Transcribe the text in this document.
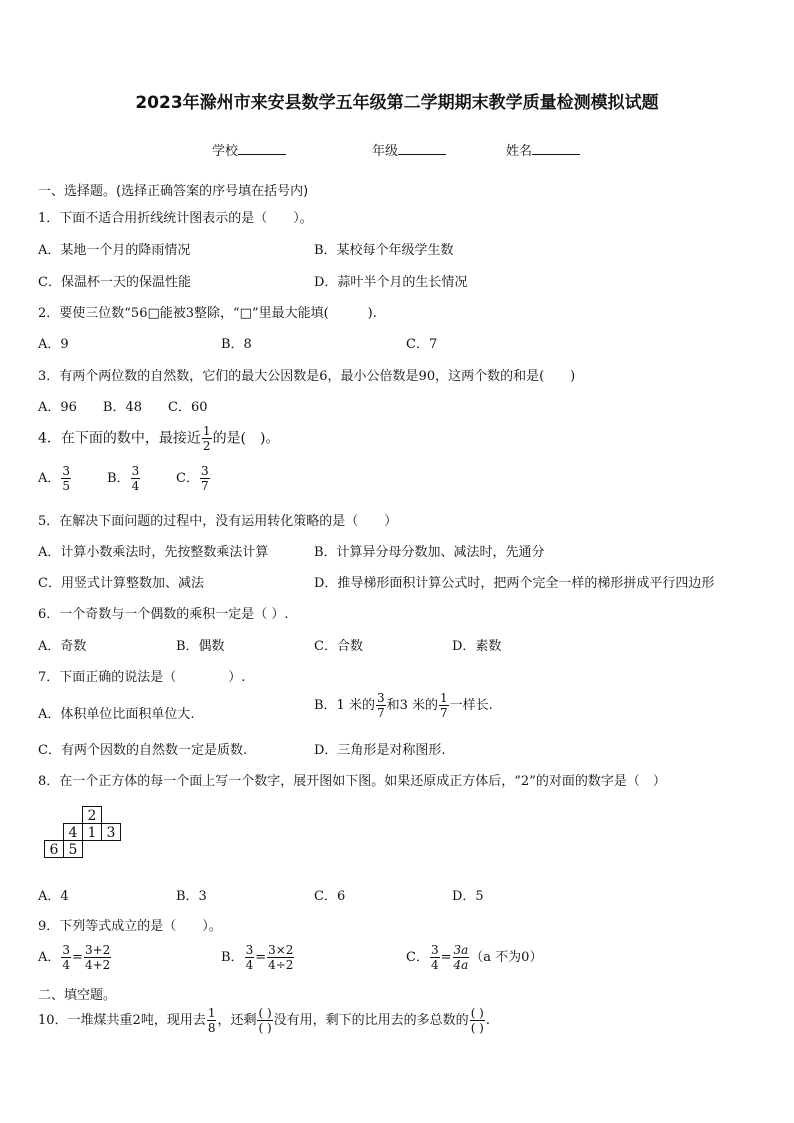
2023年滁州市来安县数学五年级第二学期期末教学质量检测模拟试题
学校	年级	姓名
一、选择题。(选择正确答案的序号填在括号内)
1．下面不适合用折线统计图表示的是（　　）。
A．某地一个月的降雨情况	B．某校每个年级学生数
C．保温杯一天的保温性能	D．蒜叶半个月的生长情况
2．要使三位数“56□能被3整除，“□”里最大能填(　　　).
A．9	B．8	C．7
3．有两个两位数的自然数，它们的最大公因数是6，最小公倍数是90，这两个数的和是(　　)
A．96　　B．48　　C．60
4．在下面的数中，最接近 $\frac{1}{2}$ 的是(　)。
A． $\frac{3}{5}$	B． $\frac{3}{4}$	C． $\frac{3}{7}$
5．在解决下面问题的过程中，没有运用转化策略的是（　　）
A．计算小数乘法时，先按整数乘法计算	B．计算异分母分数加、减法时，先通分
C．用竖式计算整数加、减法	D．推导梯形面积计算公式时，把两个完全一样的梯形拼成平行四边形
6．一个奇数与一个偶数的乘积一定是（ ）.
A．奇数	B．偶数	C．合数	D．素数
7．下面正确的说法是（　　　　）.
A．体积单位比面积单位大.
B．1 米的 $\frac{3}{7}$ 和3 米的 $\frac{1}{7}$ 一样长.
C．有两个因数的自然数一定是质数.	D．三角形是对称图形.
8．在一个正方体的每一个面上写一个数字，展开图如下图。如果还原成正方体后，“2”的对面的数字是（　）
2
4 1 3
6 5
A．4	B．3	C．6	D．5
9．下列等式成立的是（　　）。
A． $\frac{3}{4} = \frac{3+2}{4+2}$	B． $\frac{3}{4} = \frac{3\times 2}{4\div 2}$	C． $\frac{3}{4} = \frac{3a}{4a} (a$ 不为0）
二、填空题。
10．一堆煤共重2吨，现用去 $\frac{1}{8}$ ，还剩 $\frac{( )}{( )}$ 没有用，剩下的比用去的多总数的 $\frac{( )}{( )}$ .
